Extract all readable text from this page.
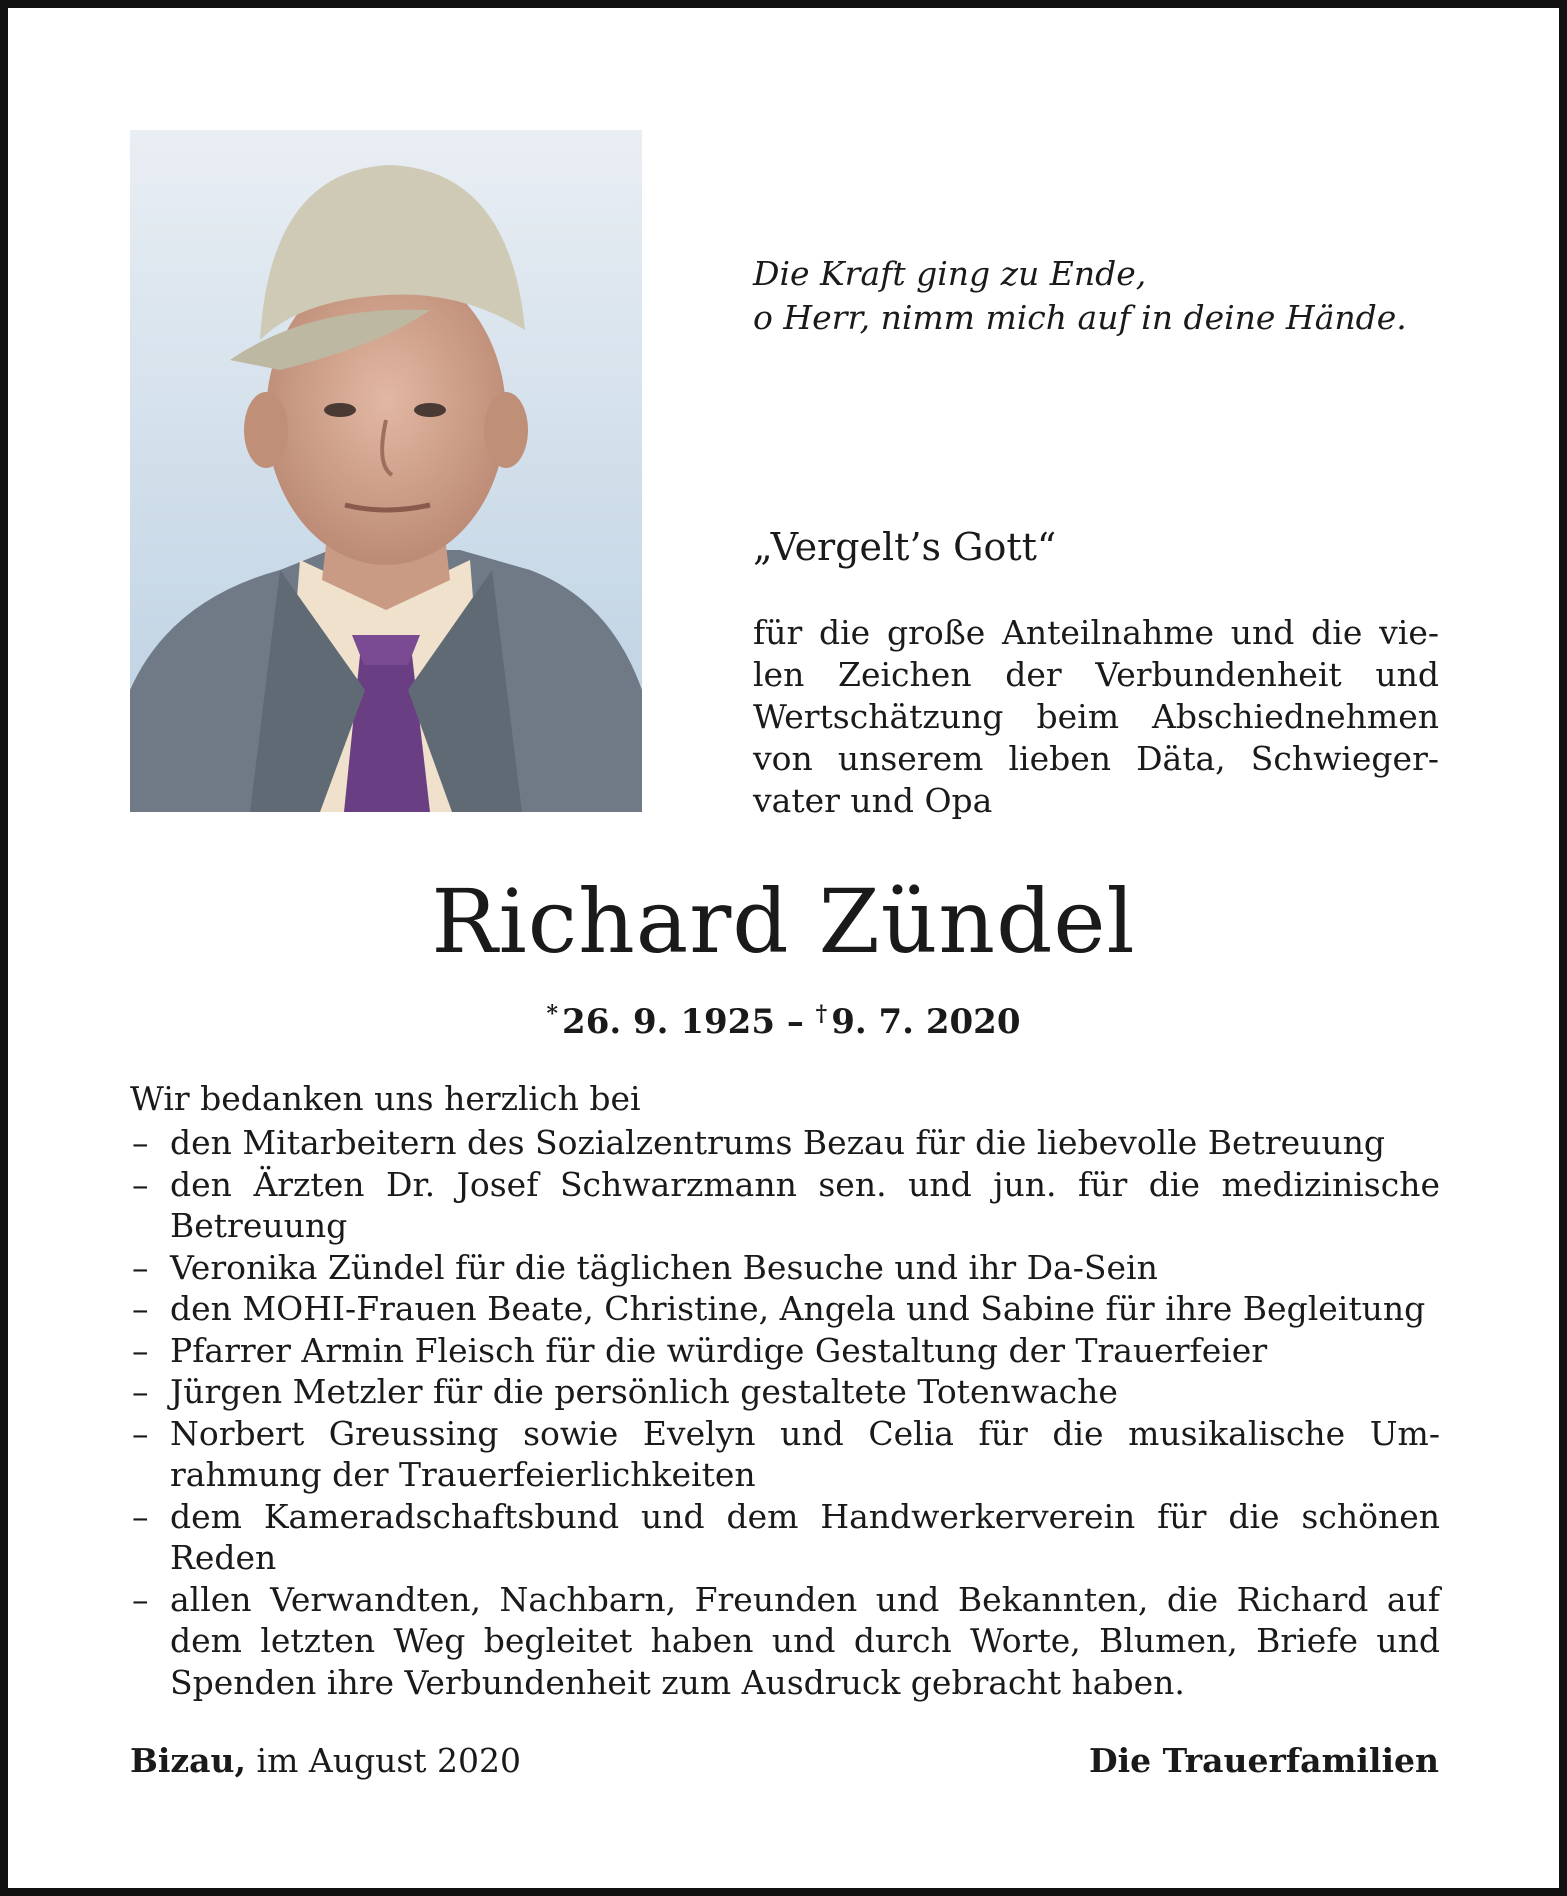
Die Kraft ging zu Ende,
o Herr, nimm mich auf in deine Hände.
„Vergelt’s Gott“
für die große Anteilnahme und die vie-
len Zeichen der Verbundenheit und
Wertschätzung beim Abschiednehmen
von unserem lieben Däta, Schwieger-
vater und Opa
Richard Zündel
* 26. 9. 1925 – † 9. 7. 2020
Wir bedanken uns herzlich bei
– den Mitarbeitern des Sozialzentrums Bezau für die liebevolle Betreuung
– den Ärzten Dr. Josef Schwarzmann sen. und jun. für die medizinische
Betreuung
– Veronika Zündel für die täglichen Besuche und ihr Da-Sein
– den MOHI-Frauen Beate, Christine, Angela und Sabine für ihre Begleitung
– Pfarrer Armin Fleisch für die würdige Gestaltung der Trauerfeier
– Jürgen Metzler für die persönlich gestaltete Totenwache
– Norbert Greussing sowie Evelyn und Celia für die musikalische Um-
rahmung der Trauerfeierlichkeiten
– dem Kameradschaftsbund und dem Handwerkerverein für die schönen
Reden
– allen Verwandten, Nachbarn, Freunden und Bekannten, die Richard auf
dem letzten Weg begleitet haben und durch Worte, Blumen, Briefe und
Spenden ihre Verbundenheit zum Ausdruck gebracht haben.
Bizau, im August 2020	Die Trauerfamilien
